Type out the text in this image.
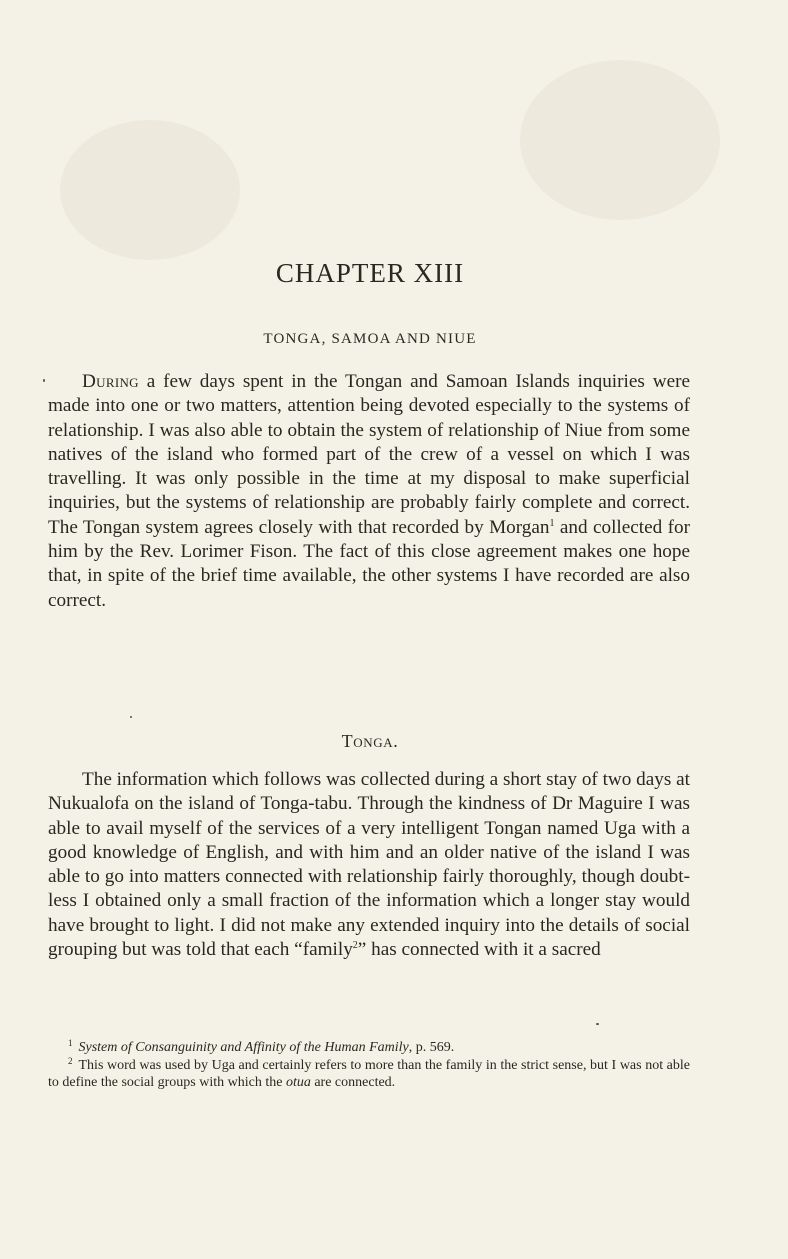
CHAPTER XIII
TONGA, SAMOA AND NIUE

During a few days spent in the Tongan and Samoan Islands inquiries were made into one or two matters, attention being devoted especially to the systems of relationship. I was also able to obtain the system of relationship of Niue from some natives of the island who formed part of the crew of a vessel on which I was travelling. It was only possible in the time at my disposal to make superficial inquiries, but the systems of relationship are probably fairly complete and correct. The Tongan system agrees closely with that recorded by Morgan$^1$ and collected for him by the Rev. Lorimer Fison. The fact of this close agreement makes one hope that, in spite of the brief time available, the other systems I have recorded are also correct.

Tonga.

The information which follows was collected during a short stay of two days at Nukualofa on the island of Tonga-tabu. Through the kindness of Dr Maguire I was able to avail myself of the services of a very intelligent Tongan named Uga with a good knowledge of English, and with him and an older native of the island I was able to go into matters connected with relationship fairly thoroughly, though doubt-less I obtained only a small fraction of the information which a longer stay would have brought to light. I did not make any extended inquiry into the details of social grouping but was told that each “family$^2$” has connected with it a sacred

$^1$ System of Consanguinity and Affinity of the Human Family, p. 569.

$^2$ This word was used by Uga and certainly refers to more than the family in the strict sense, but I was not able to define the social groups with which the otua are connected.
